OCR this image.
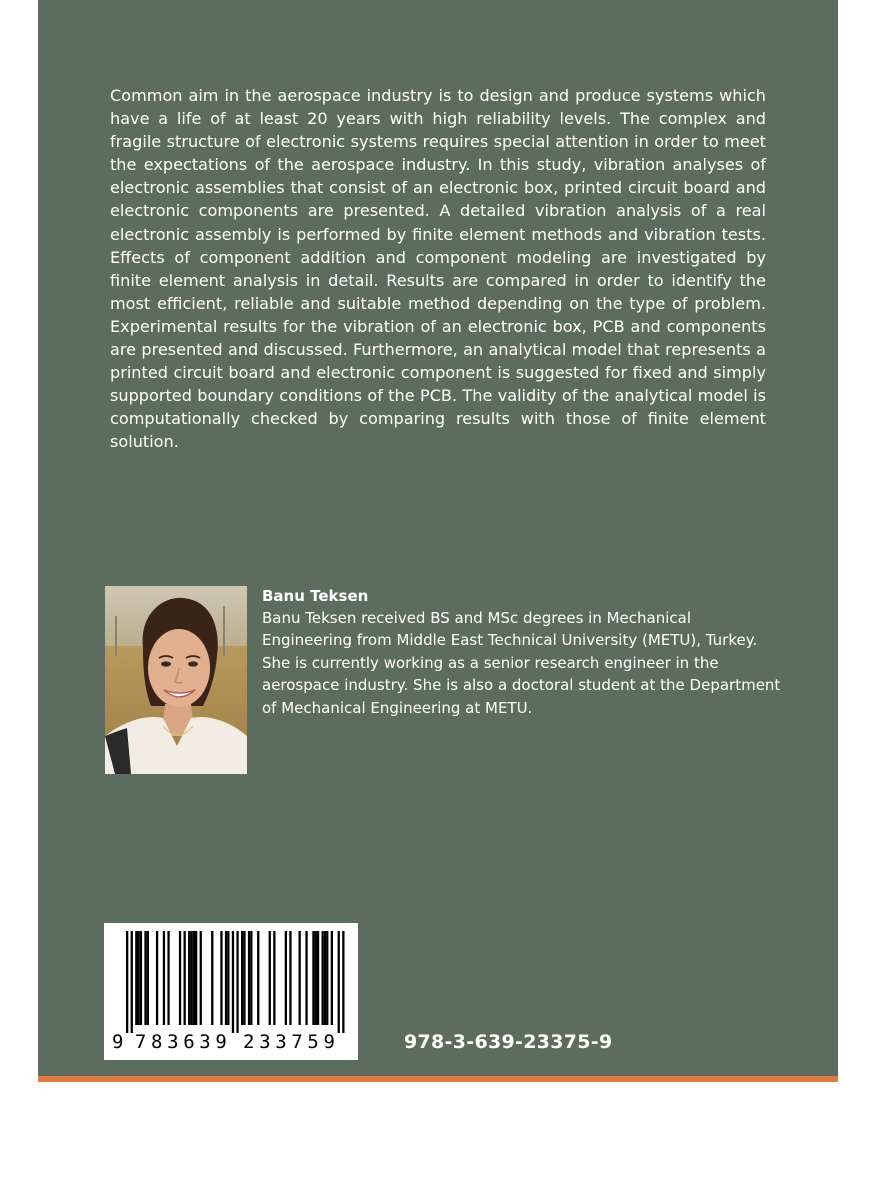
Common aim in the aerospace industry is to design and produce systems which have a life of at least 20 years with high reliability levels. The complex and fragile structure of electronic systems requires special attention in order to meet the expectations of the aerospace industry. In this study, vibration analyses of electronic assemblies that consist of an electronic box, printed circuit board and electronic components are presented. A detailed vibration analysis of a real electronic assembly is performed by finite element methods and vibration tests. Effects of component addition and component modeling are investigated by finite element analysis in detail. Results are compared in order to identify the most efficient, reliable and suitable method depending on the type of problem. Experimental results for the vibration of an electronic box, PCB and components are presented and discussed. Furthermore, an analytical model that represents a printed circuit board and electronic component is suggested for fixed and simply supported boundary conditions of the PCB. The validity of the analytical model is computationally checked by comparing results with those of finite element solution.

Banu Teksen

Banu Teksen received BS and MSc degrees in Mechanical Engineering from Middle East Technical University (METU), Turkey. She is currently working as a senior research engineer in the aerospace industry. She is also a doctoral student at the Department of Mechanical Engineering at METU.

9 7 8 3 6 3 9 2 3 3 7 5 9	978-3-639-23375-9
